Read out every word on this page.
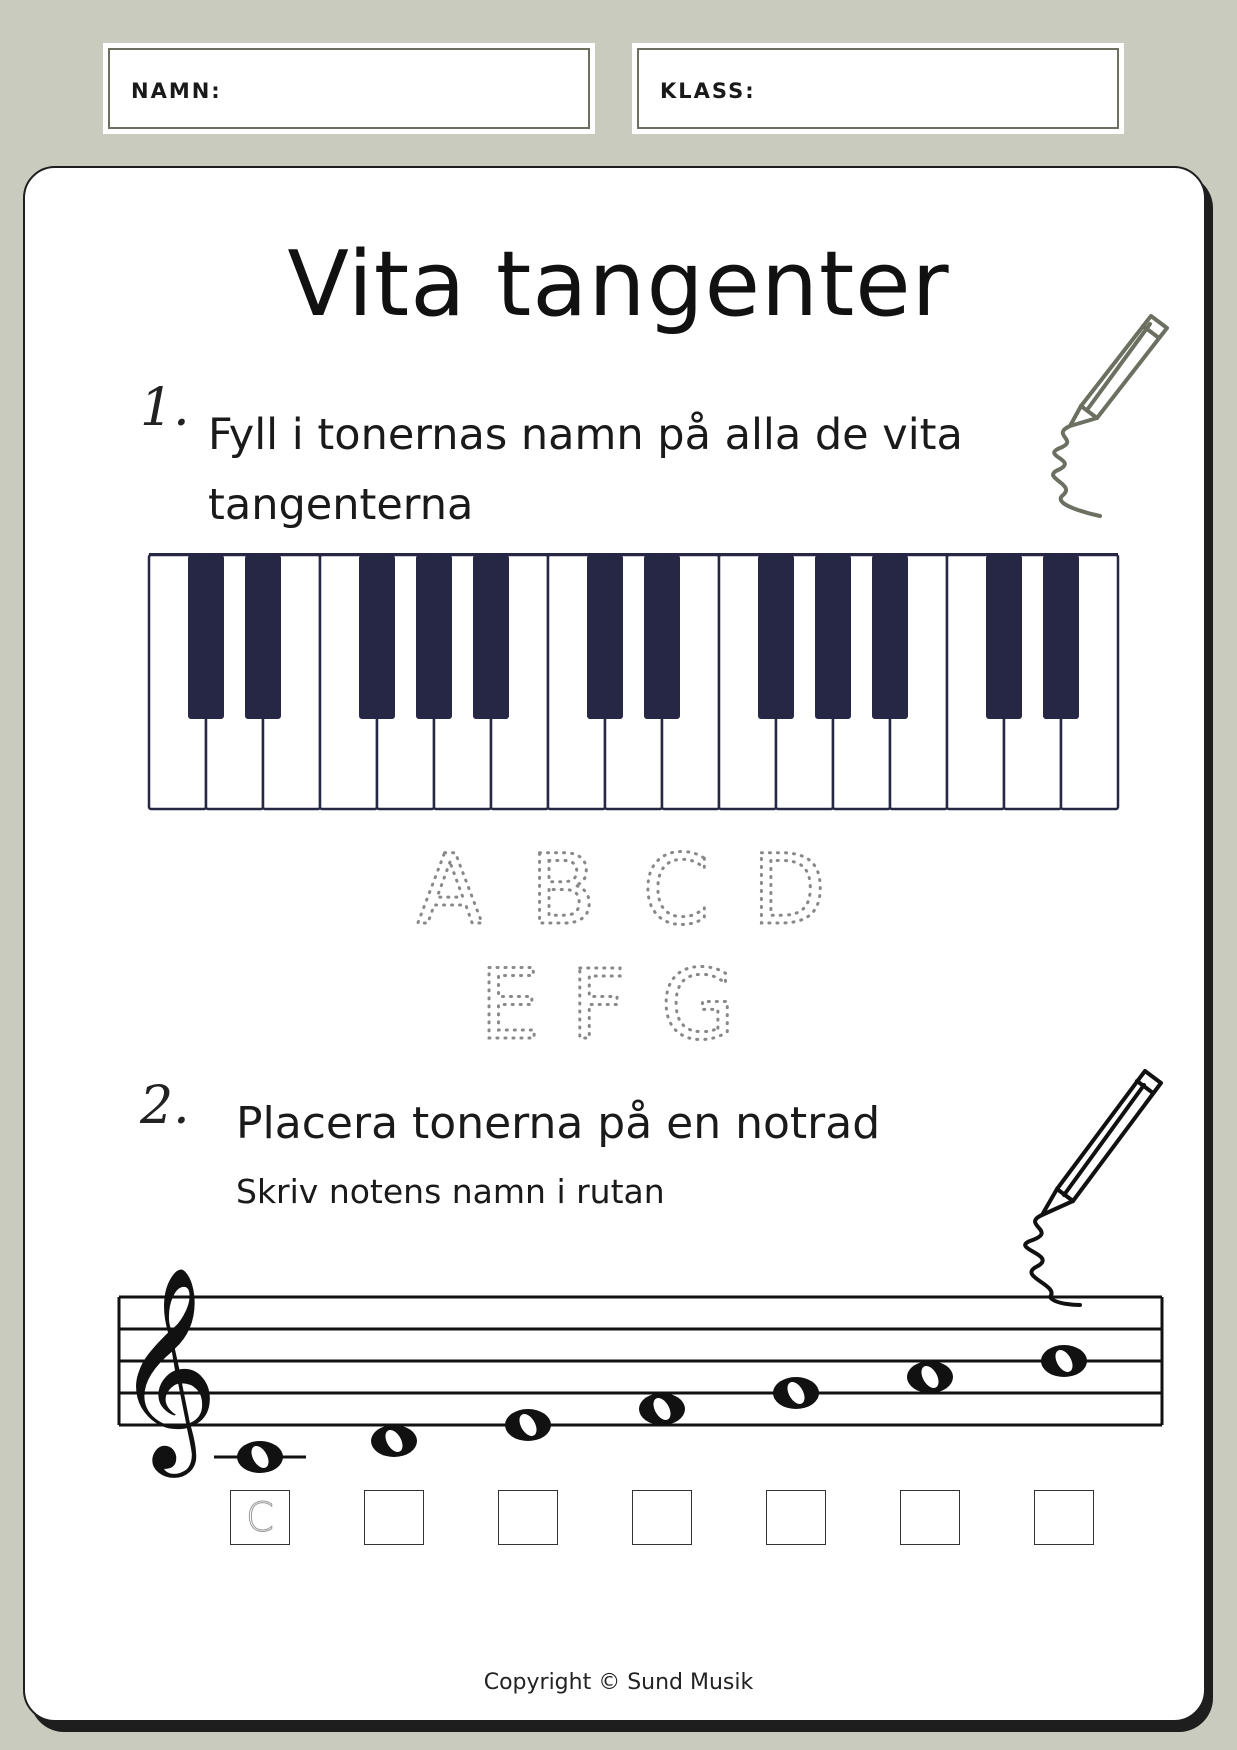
NAMN:	KLASS:
Vita tangenter
1. Fyll i tonernas namn på alla de vita tangenterna
A B C D
E F G
2. Placera tonerna på en notrad
Skriv notens namn i rutan
𝄞
C
Copyright © Sund Musik
